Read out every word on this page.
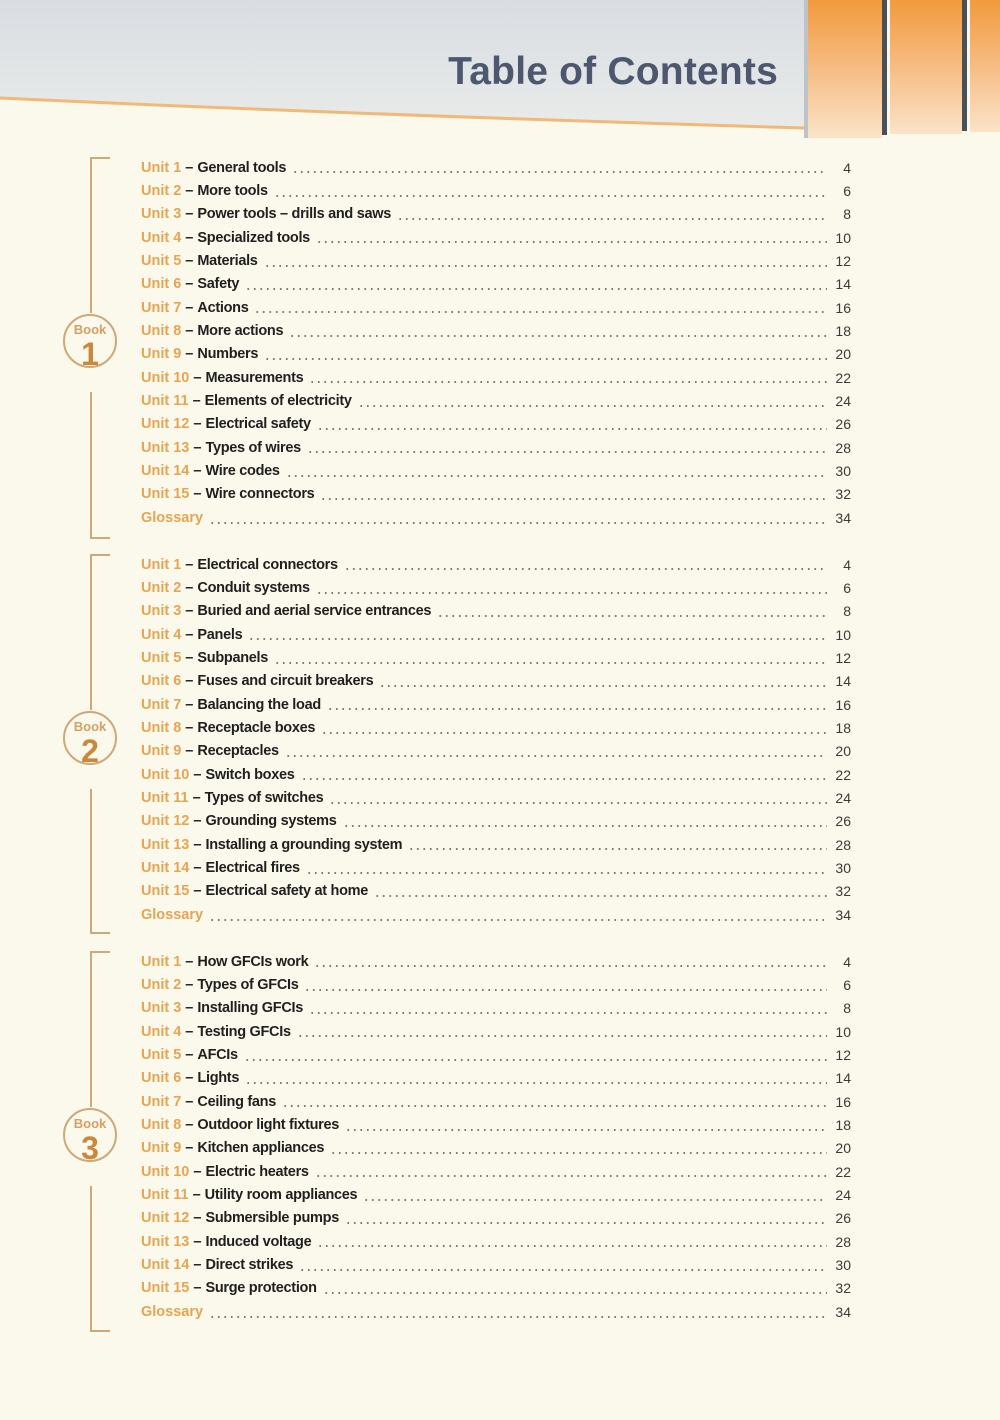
Table of Contents
Book
1
Unit 1 – General tools	4
Unit 2 – More tools	6
Unit 3 – Power tools – drills and saws	8
Unit 4 – Specialized tools	10
Unit 5 – Materials	12
Unit 6 – Safety	14
Unit 7 – Actions	16
Unit 8 – More actions	18
Unit 9 – Numbers	20
Unit 10 – Measurements	22
Unit 11 – Elements of electricity	24
Unit 12 – Electrical safety	26
Unit 13 – Types of wires	28
Unit 14 – Wire codes	30
Unit 15 – Wire connectors	32
Glossary	34
Book
2
Unit 1 – Electrical connectors	4
Unit 2 – Conduit systems	6
Unit 3 – Buried and aerial service entrances	8
Unit 4 – Panels	10
Unit 5 – Subpanels	12
Unit 6 – Fuses and circuit breakers	14
Unit 7 – Balancing the load	16
Unit 8 – Receptacle boxes	18
Unit 9 – Receptacles	20
Unit 10 – Switch boxes	22
Unit 11 – Types of switches	24
Unit 12 – Grounding systems	26
Unit 13 – Installing a grounding system	28
Unit 14 – Electrical fires	30
Unit 15 – Electrical safety at home	32
Glossary	34
Book
3
Unit 1 – How GFCIs work	4
Unit 2 – Types of GFCIs	6
Unit 3 – Installing GFCIs	8
Unit 4 – Testing GFCIs	10
Unit 5 – AFCIs	12
Unit 6 – Lights	14
Unit 7 – Ceiling fans	16
Unit 8 – Outdoor light fixtures	18
Unit 9 – Kitchen appliances	20
Unit 10 – Electric heaters	22
Unit 11 – Utility room appliances	24
Unit 12 – Submersible pumps	26
Unit 13 – Induced voltage	28
Unit 14 – Direct strikes	30
Unit 15 – Surge protection	32
Glossary	34
